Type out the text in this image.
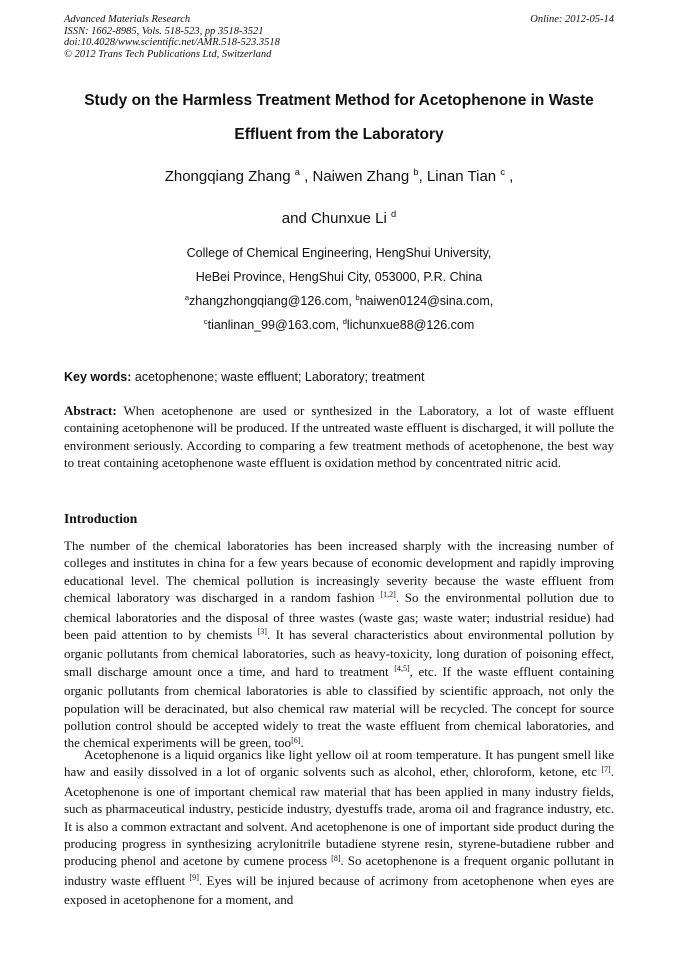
Advanced Materials Research
ISSN: 1662-8985, Vols. 518-523, pp 3518-3521
doi:10.4028/www.scientific.net/AMR.518-523.3518
© 2012 Trans Tech Publications Ltd, Switzerland
Online: 2012-05-14
Study on the Harmless Treatment Method for Acetophenone in Waste
Effluent from the Laboratory
Zhongqiang Zhang $^a$ , Naiwen Zhang $^b$, Linan Tian $^c$ ,
and Chunxue Li $^d$
College of Chemical Engineering, HengShui University,
HeBei Province, HengShui City, 053000, P.R. China
$^a$zhangzhongqiang@126.com, $^b$naiwen0124@sina.com,
$^c$tianlinan_99@163.com, $^d$lichunxue88@126.com
Key words: acetophenone; waste effluent; Laboratory; treatment
Abstract: When acetophenone are used or synthesized in the Laboratory, a lot of waste effluent containing acetophenone will be produced. If the untreated waste effluent is discharged, it will pollute the environment seriously. According to comparing a few treatment methods of acetophenone, the best way to treat containing acetophenone waste effluent is oxidation method by concentrated nitric acid.
Introduction
The number of the chemical laboratories has been increased sharply with the increasing number of colleges and institutes in china for a few years because of economic development and rapidly improving educational level. The chemical pollution is increasingly severity because the waste effluent from chemical laboratory was discharged in a random fashion [1,2]. So the environmental pollution due to chemical laboratories and the disposal of three wastes (waste gas; waste water; industrial residue) had been paid attention to by chemists [3]. It has several characteristics about environmental pollution by organic pollutants from chemical laboratories, such as heavy-toxicity, long duration of poisoning effect, small discharge amount once a time, and hard to treatment [4,5], etc. If the waste effluent containing organic pollutants from chemical laboratories is able to classified by scientific approach, not only the population will be deracinated, but also chemical raw material will be recycled. The concept for source pollution control should be accepted widely to treat the waste effluent from chemical laboratories, and the chemical experiments will be green, too[6].
Acetophenone is a liquid organics like light yellow oil at room temperature. It has pungent smell like haw and easily dissolved in a lot of organic solvents such as alcohol, ether, chloroform, ketone, etc [7]. Acetophenone is one of important chemical raw material that has been applied in many industry fields, such as pharmaceutical industry, pesticide industry, dyestuffs trade, aroma oil and fragrance industry, etc. It is also a common extractant and solvent. And acetophenone is one of important side product during the producing progress in synthesizing acrylonitrile butadiene styrene resin, styrene-butadiene rubber and producing phenol and acetone by cumene process [8]. So acetophenone is a frequent organic pollutant in industry waste effluent [9]. Eyes will be injured because of acrimony from acetophenone when eyes are exposed in acetophenone for a moment, and
